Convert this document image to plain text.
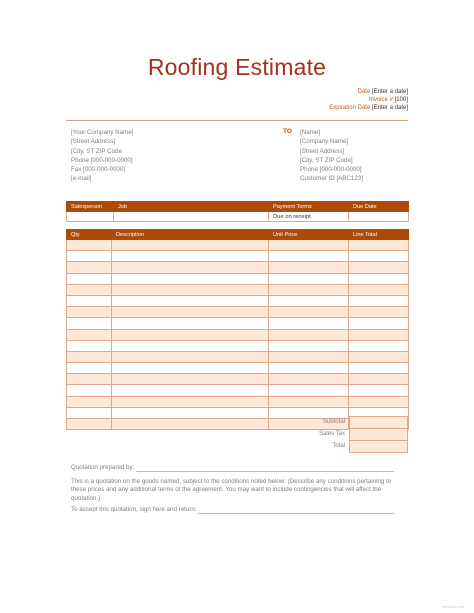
Roofing Estimate
Date [Enter a date]
Invoice # [100]
Expiration Date [Enter a date]
[Your Company Name]
[Street Address]
[City, ST ZIP Code
Phone [000-000-0000]
Fax [000-000-0000]
[e-mail]
TO [Name]
[Company Name]
[Street Address]
[City, ST ZIP Code]
Phone [000-000-0000]
Customer ID [ABC123]
Salesperson	Job	Payment Terms	Due Date
		Due on receipt	
Qty	Description	Unit Price	Line Total

Subtotal
Sales Tax
Total
Quotation prepared by:
This is a quotation on the goods named, subject to the conditions noted below: (Describe any conditions pertaining to these prices and any additional terms of the agreement. You may want to include contingencies that will affect the quotation.)
To accept this quotation, sign here and return:
Template.net
